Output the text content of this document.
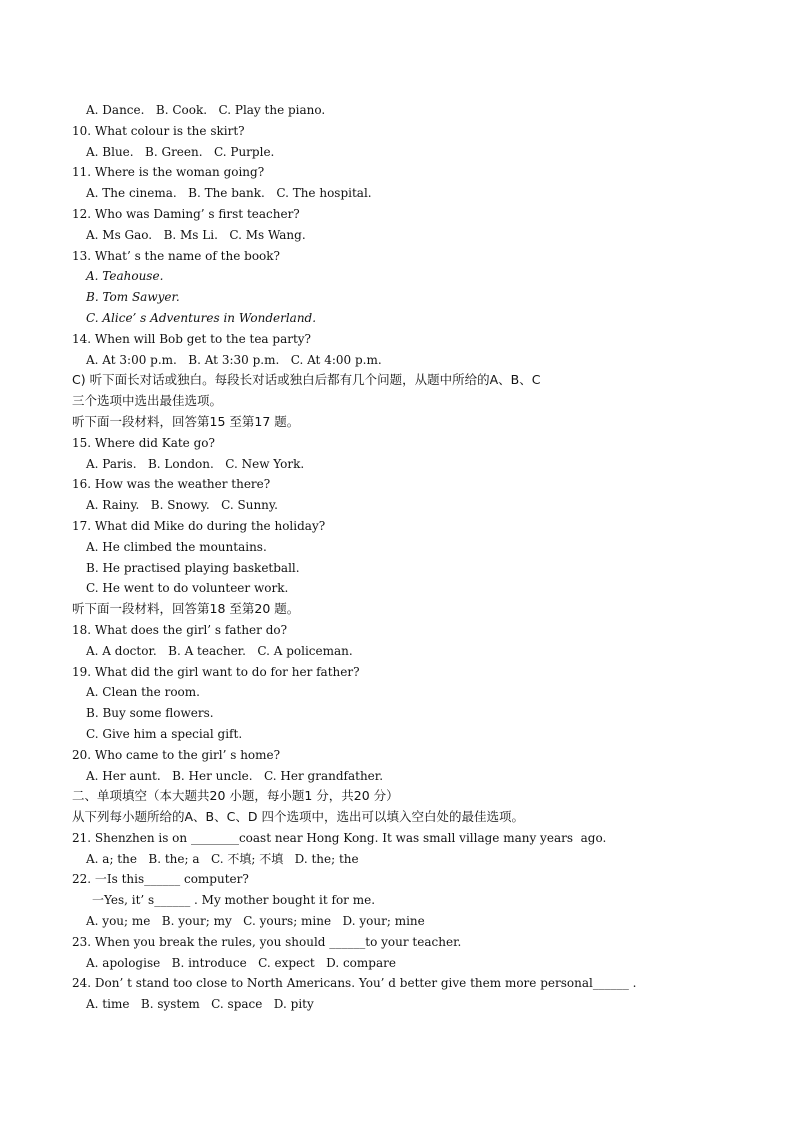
A. Dance.   B. Cook.   C. Play the piano.
10. What colour is the skirt?
A. Blue.   B. Green.   C. Purple.
11. Where is the woman going?
A. The cinema.   B. The bank.   C. The hospital.
12. Who was Daming’ s first teacher?
A. Ms Gao.   B. Ms Li.   C. Ms Wang.
13. What’ s the name of the book?
A. Teahouse.
B. Tom Sawyer.
C. Alice’ s Adventures in Wonderland.
14. When will Bob get to the tea party?
A. At 3:00 p.m.   B. At 3:30 p.m.   C. At 4:00 p.m.
C) 听下面长对话或独白。每段长对话或独白后都有几个问题，从题中所给的A、B、C
三个选项中选出最佳选项。
听下面一段材料，回答第15 至第17 题。
15. Where did Kate go?
A. Paris.   B. London.   C. New York.
16. How was the weather there?
A. Rainy.   B. Snowy.   C. Sunny.
17. What did Mike do during the holiday?
A. He climbed the mountains.
B. He practised playing basketball.
C. He went to do volunteer work.
听下面一段材料，回答第18 至第20 题。
18. What does the girl’ s father do?
A. A doctor.   B. A teacher.   C. A policeman.
19. What did the girl want to do for her father?
A. Clean the room.
B. Buy some flowers.
C. Give him a special gift.
20. Who came to the girl’ s home?
A. Her aunt.   B. Her uncle.   C. Her grandfather.
二、单项填空（本大题共20 小题，每小题1 分，共20 分）
从下列每小题所给的A、B、C、D 四个选项中，选出可以填入空白处的最佳选项。
21. Shenzhen is on ________coast near Hong Kong. It was small village many years  ago.
A. a; the   B. the; a   C. 不填; 不填   D. the; the
22. 一Is this______ computer?
一Yes, it’ s______ . My mother bought it for me.
A. you; me   B. your; my   C. yours; mine   D. your; mine
23. When you break the rules, you should ______to your teacher.
A. apologise   B. introduce   C. expect   D. compare
24. Don’ t stand too close to North Americans. You’ d better give them more personal______ .
A. time   B. system   C. space   D. pity
